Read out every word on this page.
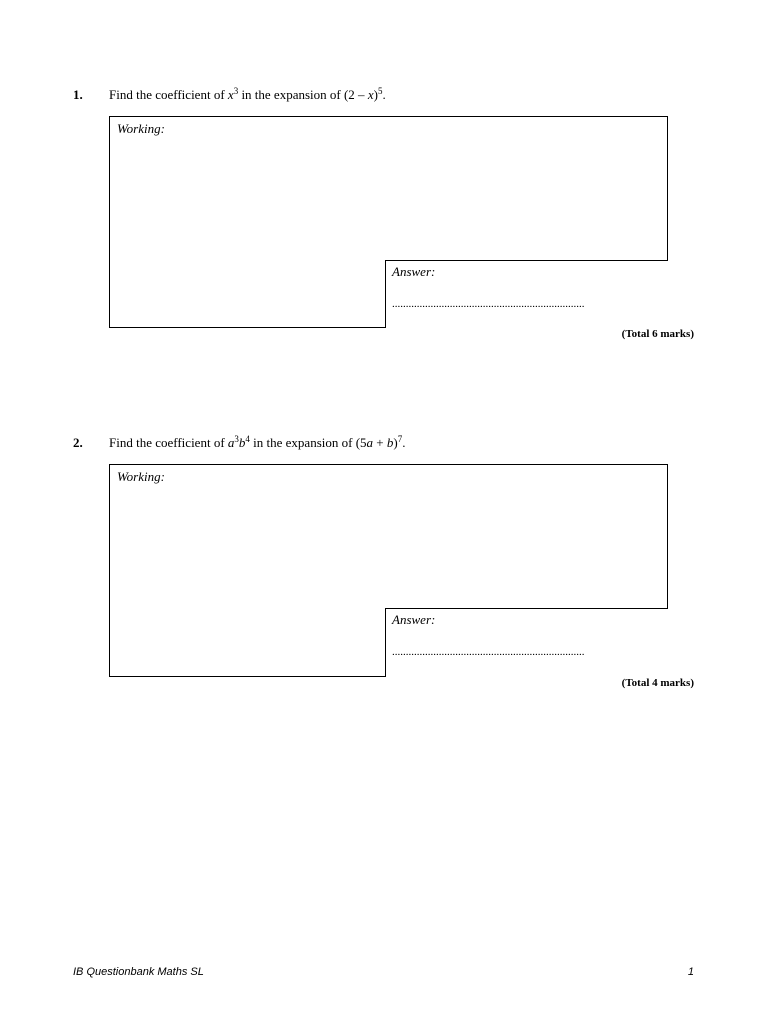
1. Find the coefficient of $x^3$ in the expansion of (2 – x)$^5$.
Working:
Answer:
......................................................................
(Total 6 marks)
2. Find the coefficient of $a^3b^4$ in the expansion of $(5a + b)^7$.
Working:
Answer:
......................................................................
(Total 4 marks)
IB Questionbank Maths SL	1
